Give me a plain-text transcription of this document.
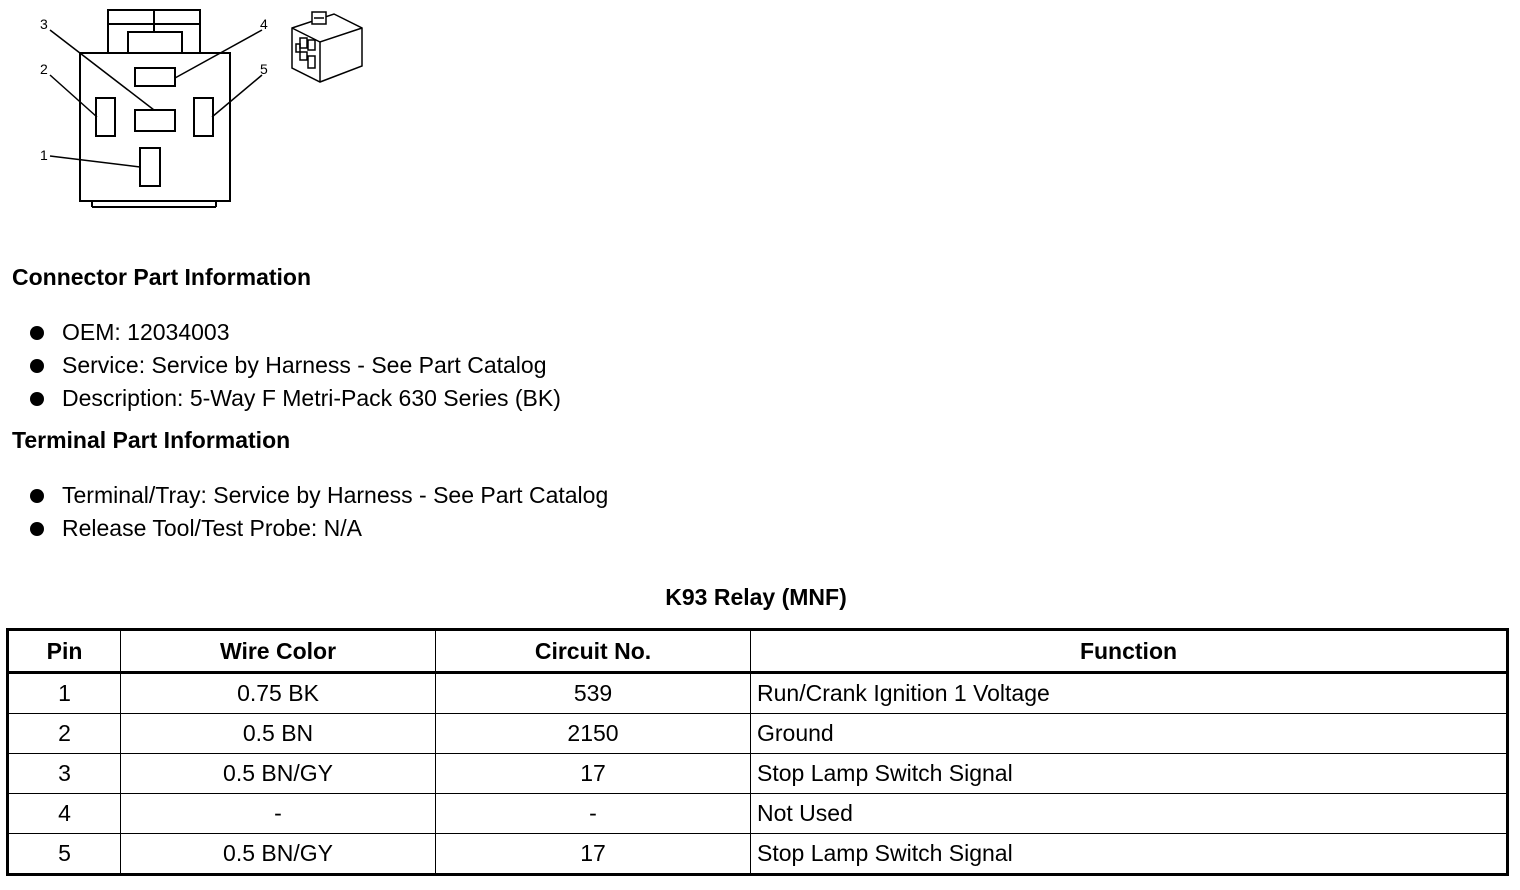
3	4
2	5
1
Connector Part Information
OEM: 12034003
Service: Service by Harness - See Part Catalog
Description: 5-Way F Metri-Pack 630 Series (BK)
Terminal Part Information
Terminal/Tray: Service by Harness - See Part Catalog
Release Tool/Test Probe: N/A
K93 Relay (MNF)
Pin	Wire Color	Circuit No.	Function
1	0.75 BK	539	Run/Crank Ignition 1 Voltage
2	0.5 BN	2150	Ground
3	0.5 BN/GY	17	Stop Lamp Switch Signal
4	-	-	Not Used
5	0.5 BN/GY	17	Stop Lamp Switch Signal
